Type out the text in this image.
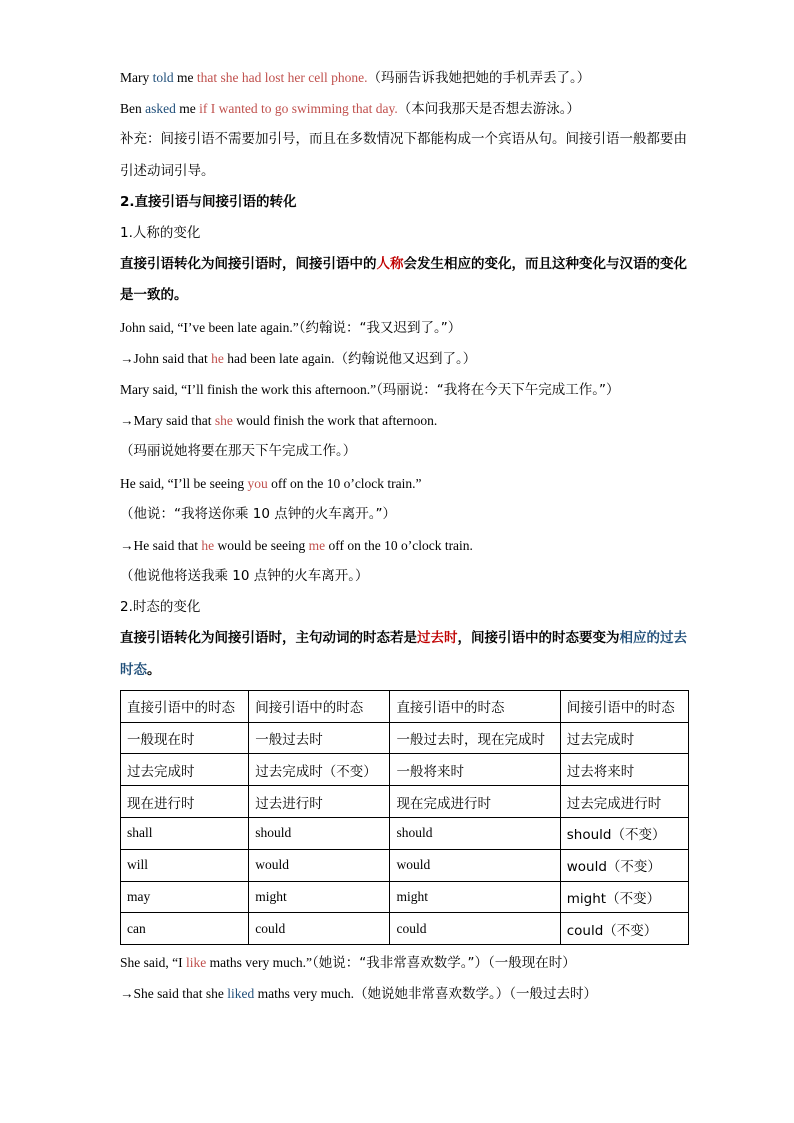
Mary told me that she had lost her cell phone.（玛丽告诉我她把她的手机弄丢了。）
Ben asked me if I wanted to go swimming that day.（本问我那天是否想去游泳。）
补充：间接引语不需要加引号，而且在多数情况下都能构成一个宾语从句。间接引语一般都要由引述动词引导。
2.直接引语与间接引语的转化
1.人称的变化
直接引语转化为间接引语时，间接引语中的人称会发生相应的变化，而且这种变化与汉语的变化是一致的。
John said, “I’ve been late again.”（约翰说：“我又迟到了。”）
→John said that he had been late again.（约翰说他又迟到了。）
Mary said, “I’ll finish the work this afternoon.”（玛丽说：“我将在今天下午完成工作。”）
→Mary said that she would finish the work that afternoon.
（玛丽说她将要在那天下午完成工作。）
He said, “I’ll be seeing you off on the 10 o’clock train.”
（他说：“我将送你乘 10 点钟的火车离开。”）
→He said that he would be seeing me off on the 10 o’clock train.
（他说他将送我乘 10 点钟的火车离开。）
2.时态的变化
直接引语转化为间接引语时，主句动词的时态若是过去时，间接引语中的时态要变为相应的过去时态。
直接引语中的时态	间接引语中的时态	直接引语中的时态	间接引语中的时态
一般现在时	一般过去时	一般过去时，现在完成时	过去完成时
过去完成时	过去完成时（不变）	一般将来时	过去将来时
现在进行时	过去进行时	现在完成进行时	过去完成进行时
shall	should	should	should（不变）
will	would	would	would（不变）
may	might	might	might（不变）
can	could	could	could（不变）
She said, “I like maths very much.”（她说：“我非常喜欢数学。”）（一般现在时）
→She said that she liked maths very much.（她说她非常喜欢数学。）（一般过去时）
